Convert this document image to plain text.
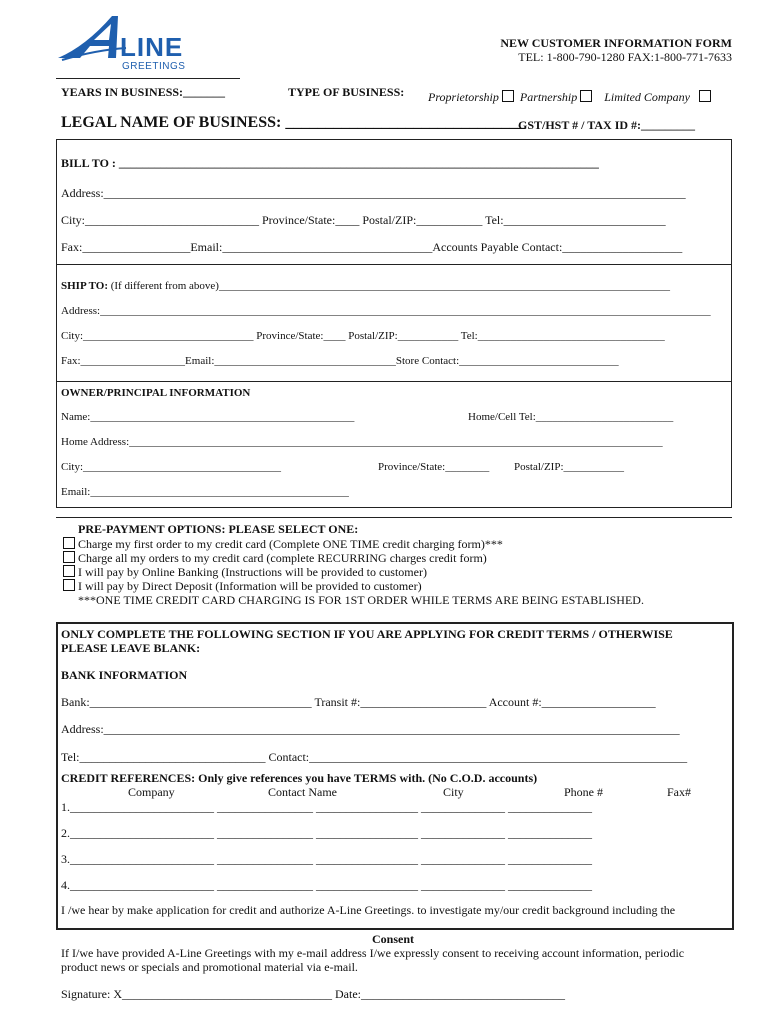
LINE
GREETINGS
NEW CUSTOMER INFORMATION FORM
TEL: 1-800-790-1280 FAX:1-800-771-7633
YEARS IN BUSINESS:_______	TYPE OF BUSINESS: Proprietorship Partnership Limited Company
LEGAL NAME OF BUSINESS: ______________________________
GST/HST # / TAX ID #:_________
BILL TO : ________________________________________________________________________________
Address:_________________________________________________________________________________________________
City:_____________________________ Province/State:____ Postal/ZIP:___________ Tel:___________________________
Fax:__________________Email:___________________________________Accounts Payable Contact:____________________
SHIP TO: (If different from above)__________________________________________________________________________________
Address:_______________________________________________________________________________________________________________
City:_______________________________ Province/State:____ Postal/ZIP:___________ Tel:__________________________________
Fax:___________________Email:_________________________________Store Contact:_____________________________
OWNER/PRINCIPAL INFORMATION
Name:________________________________________________	Home/Cell Tel:_________________________
Home Address:_________________________________________________________________________________________________
City:____________________________________	Province/State:________ Postal/ZIP:___________
Email:_______________________________________________
PRE-PAYMENT OPTIONS: PLEASE SELECT ONE:
Charge my first order to my credit card (Complete ONE TIME credit charging form)***
Charge all my orders to my credit card (complete RECURRING charges credit form)
I will pay by Online Banking (Instructions will be provided to customer)
I will pay by Direct Deposit (Information will be provided to customer)
***ONE TIME CREDIT CARD CHARGING IS FOR 1ST ORDER WHILE TERMS ARE BEING ESTABLISHED.
ONLY COMPLETE THE FOLLOWING SECTION IF YOU ARE APPLYING FOR CREDIT TERMS / OTHERWISE
PLEASE LEAVE BLANK:
BANK INFORMATION
Bank:_____________________________________ Transit #:_____________________ Account #:___________________
Address:________________________________________________________________________________________________
Tel:_______________________________ Contact:_______________________________________________________________
CREDIT REFERENCES: Only give references you have TERMS with. (No C.O.D. accounts)
Company	Contact Name	City	Phone #	Fax#
1.________________________ ________________ _________________ ______________ ______________
2.________________________ ________________ _________________ ______________ ______________
3.________________________ ________________ _________________ ______________ ______________
4.________________________ ________________ _________________ ______________ ______________
I /we hear by make application for credit and authorize A-Line Greetings. to investigate my/our credit background including the
Consent
If I/we have provided A-Line Greetings with my e-mail address I/we expressly consent to receiving account information, periodic
product news or specials and promotional material via e-mail.
Signature: X___________________________________ Date:__________________________________
